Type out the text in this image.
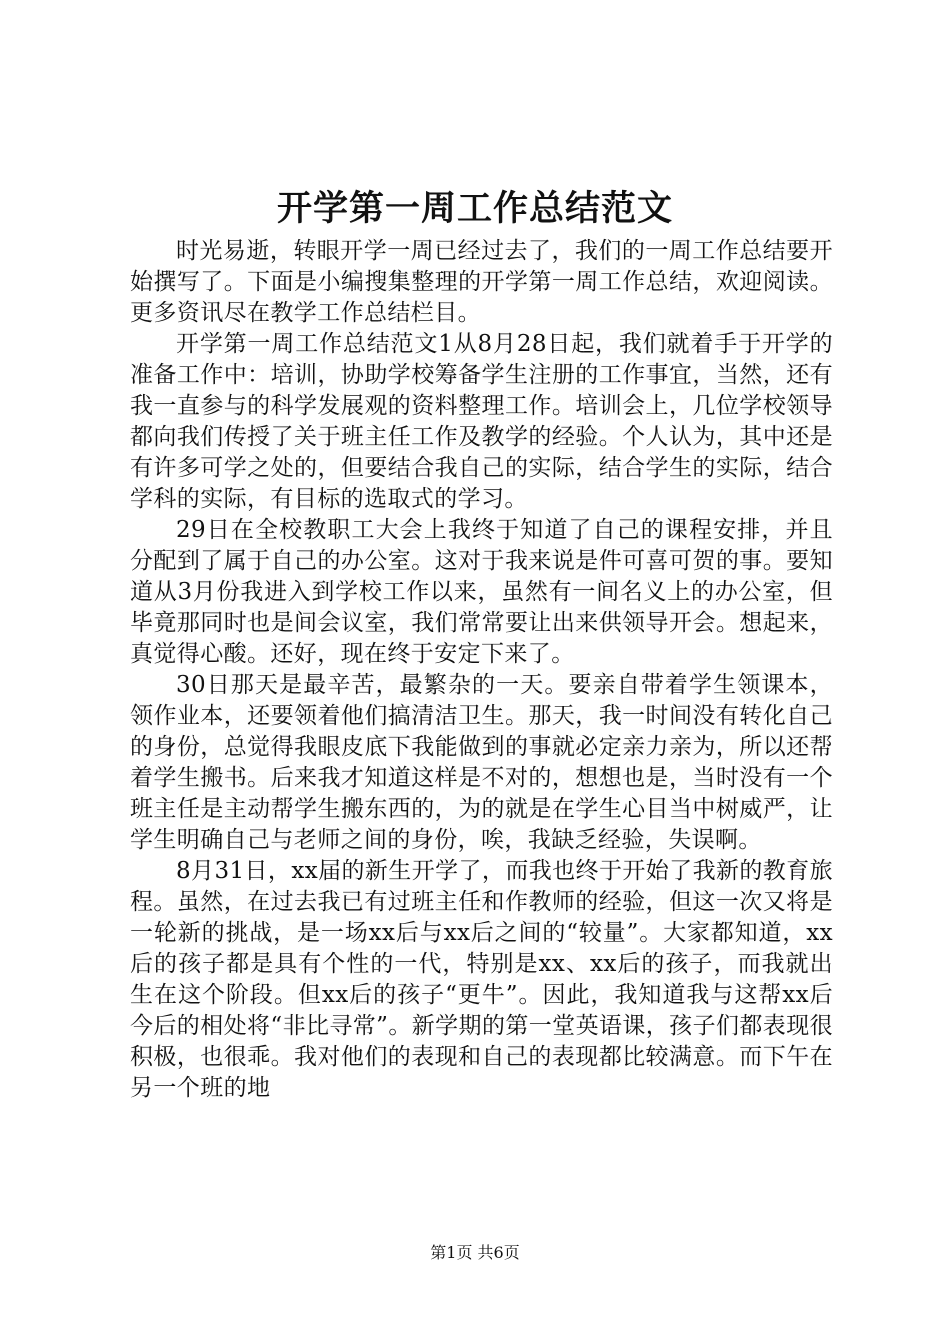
开学第一周工作总结范文

时光易逝，转眼开学一周已经过去了，我们的一周工作总结要开始撰写了。下面是小编搜集整理的开学第一周工作总结，欢迎阅读。更多资讯尽在教学工作总结栏目。

开学第一周工作总结范文1从8月28日起，我们就着手于开学的准备工作中：培训，协助学校筹备学生注册的工作事宜，当然，还有我一直参与的科学发展观的资料整理工作。培训会上，几位学校领导都向我们传授了关于班主任工作及教学的经验。个人认为，其中还是有许多可学之处的，但要结合我自己的实际，结合学生的实际，结合学科的实际，有目标的选取式的学习。

29日在全校教职工大会上我终于知道了自己的课程安排，并且分配到了属于自己的办公室。这对于我来说是件可喜可贺的事。要知道从3月份我进入到学校工作以来，虽然有一间名义上的办公室，但毕竟那同时也是间会议室，我们常常要让出来供领导开会。想起来，真觉得心酸。还好，现在终于安定下来了。

30日那天是最辛苦，最繁杂的一天。要亲自带着学生领课本，领作业本，还要领着他们搞清洁卫生。那天，我一时间没有转化自己的身份，总觉得我眼皮底下我能做到的事就必定亲力亲为，所以还帮着学生搬书。后来我才知道这样是不对的，想想也是，当时没有一个班主任是主动帮学生搬东西的，为的就是在学生心目当中树威严，让学生明确自己与老师之间的身份，唉，我缺乏经验，失误啊。

8月31日，xx届的新生开学了，而我也终于开始了我新的教育旅程。虽然，在过去我已有过班主任和作教师的经验，但这一次又将是一轮新的挑战，是一场xx后与xx后之间的“较量”。大家都知道，xx后的孩子都是具有个性的一代，特别是xx、xx后的孩子，而我就出生在这个阶段。但xx后的孩子“更牛”。因此，我知道我与这帮xx后今后的相处将“非比寻常”。新学期的第一堂英语课，孩子们都表现很积极，也很乖。我对他们的表现和自己的表现都比较满意。而下午在另一个班的地

第1页 共6页
